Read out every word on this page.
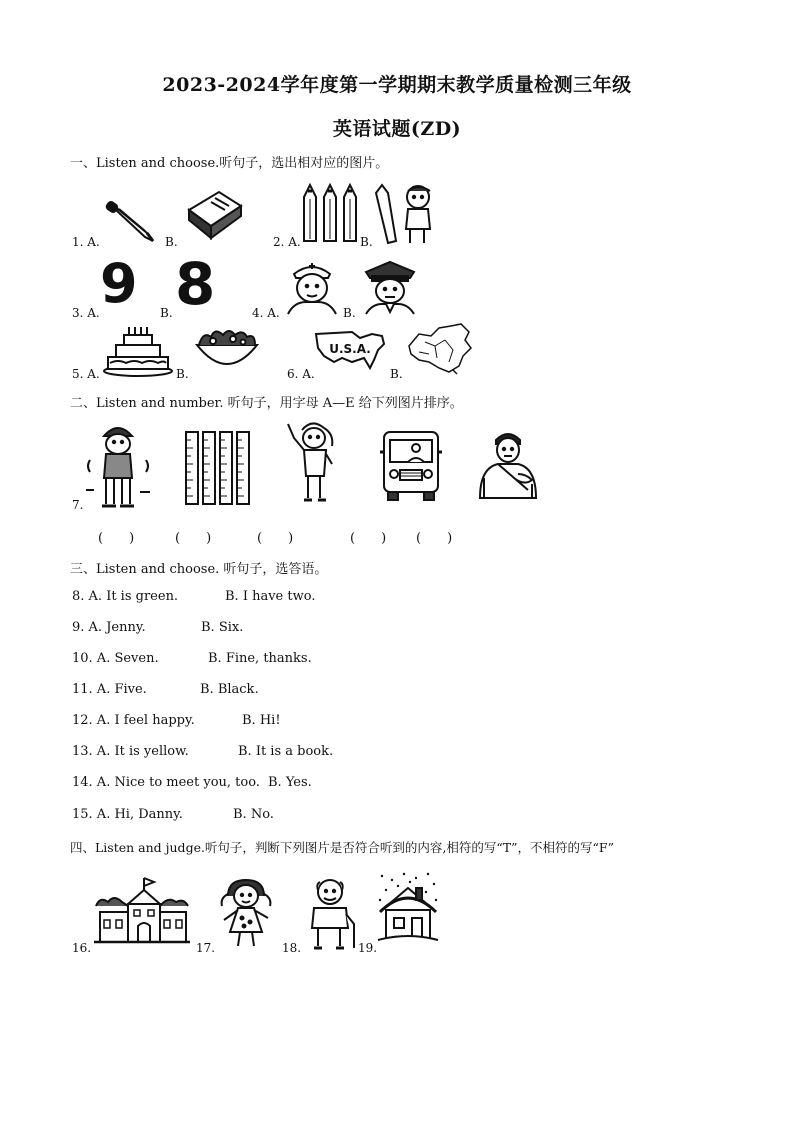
2023-2024学年度第一学期期末教学质量检测三年级
英语试题(ZD)
一、Listen and choose.听句子，选出相对应的图片。
1. A.	B.	2. A.	B.
3. A. 9 B. 8	4. A.	B.
5. A.	B.	6. A.
U.S.A.
B.
二、Listen and number. 听句子，用字母 A—E 给下列图片排序。
7.
(　　)	(　　)	(　　)	(　　) (　　)
三、Listen and choose. 听句子，选答语。
8. A. It is green.	B. I have two.
9. A. Jenny.	B. Six.
10. A. Seven.	B. Fine, thanks.
11. A. Five.	B. Black.
12. A. I feel happy.	B. Hi!
13. A. It is yellow.	B. It is a book.
14. A. Nice to meet you, too. B. Yes.
15. A. Hi, Danny.	B. No.
四、Listen and judge.听句子，判断下列图片是否符合听到的内容,相符的写“T”，不相符的写“F”
16.	17.	18.	19.
